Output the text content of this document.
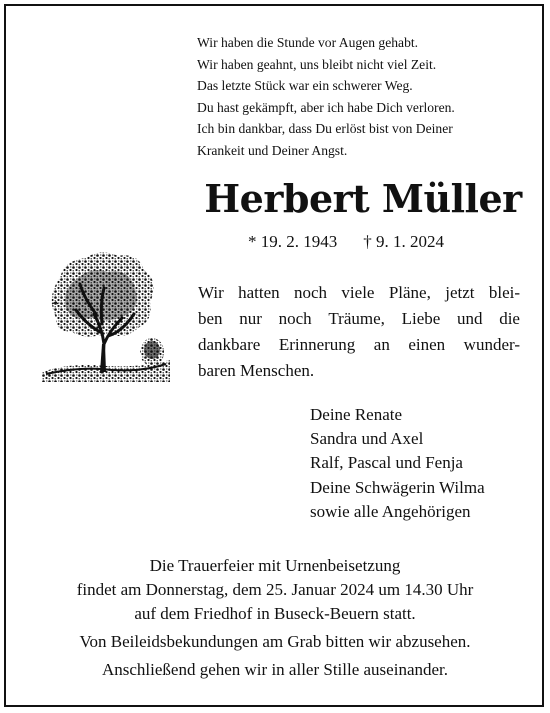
Wir haben die Stunde vor Augen gehabt.
Wir haben geahnt, uns bleibt nicht viel Zeit.
Das letzte Stück war ein schwerer Weg.
Du hast gekämpft, aber ich habe Dich verloren.
Ich bin dankbar, dass Du erlöst bist von Deiner
Krankeit und Deiner Angst.
Herbert Müller
* 19. 2. 1943 † 9. 1. 2024
Wir hatten noch viele Pläne, jetzt blei-
ben nur noch Träume, Liebe und die
dankbare Erinnerung an einen wunder-
baren Menschen.
Deine Renate
Sandra und Axel
Ralf, Pascal und Fenja
Deine Schwägerin Wilma
sowie alle Angehörigen
Die Trauerfeier mit Urnenbeisetzung
findet am Donnerstag, dem 25. Januar 2024 um 14.30 Uhr
auf dem Friedhof in Buseck-Beuern statt.
Von Beileidsbekundungen am Grab bitten wir abzusehen.
Anschließend gehen wir in aller Stille auseinander.
